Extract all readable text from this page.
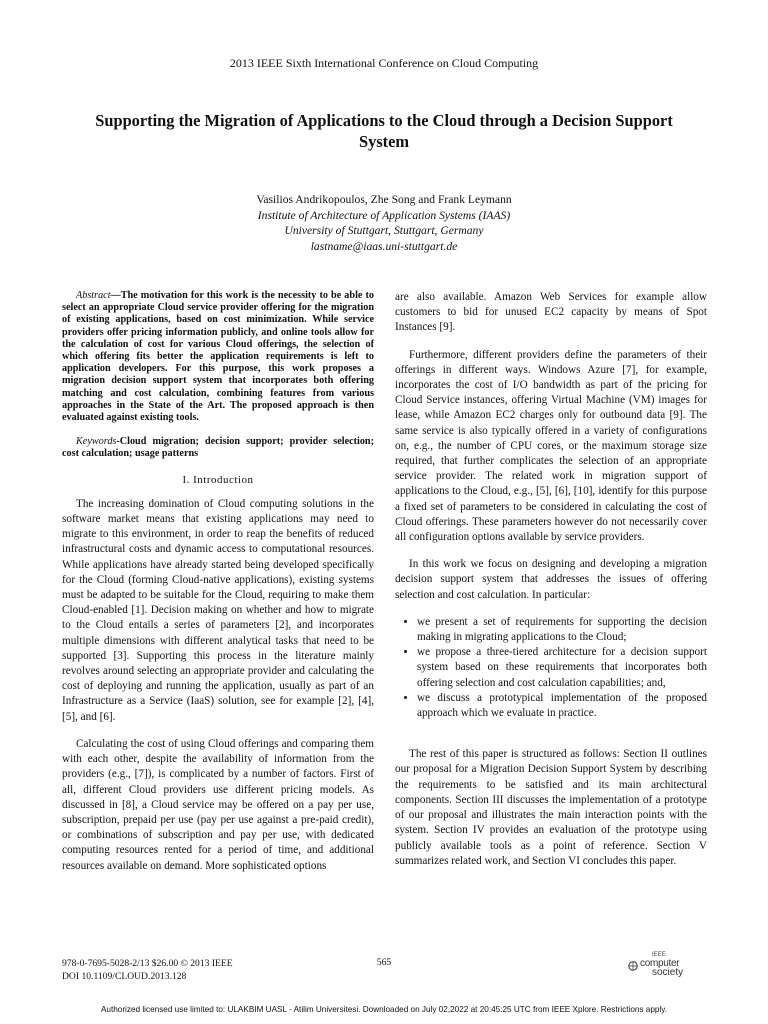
2013 IEEE Sixth International Conference on Cloud Computing
Supporting the Migration of Applications to the Cloud through a Decision Support System
Vasilios Andrikopoulos, Zhe Song and Frank Leymann
Institute of Architecture of Application Systems (IAAS)
University of Stuttgart, Stuttgart, Germany
lastname@iaas.uni-stuttgart.de

Abstract—The motivation for this work is the necessity to be able to select an appropriate Cloud service provider offering for the migration of existing applications, based on cost minimization. While service providers offer pricing information publicly, and online tools allow for the calculation of cost for various Cloud offerings, the selection of which offering fits better the application requirements is left to application developers. For this purpose, this work proposes a migration decision support system that incorporates both offering matching and cost calculation, combining features from various approaches in the State of the Art. The proposed approach is then evaluated against existing tools.

Keywords-Cloud migration; decision support; provider selection; cost calculation; usage patterns

I. Introduction

The increasing domination of Cloud computing solutions in the software market means that existing applications may need to migrate to this environment, in order to reap the benefits of reduced infrastructural costs and dynamic access to computational resources. While applications have already started being developed specifically for the Cloud (forming Cloud-native applications), existing systems must be adapted to be suitable for the Cloud, requiring to make them Cloud-enabled [1]. Decision making on whether and how to migrate to the Cloud entails a series of parameters [2], and incorporates multiple dimensions with different analytical tasks that need to be supported [3]. Supporting this process in the literature mainly revolves around selecting an appropriate provider and calculating the cost of deploying and running the application, usually as part of an Infrastructure as a Service (IaaS) solution, see for example [2], [4], [5], and [6].

Calculating the cost of using Cloud offerings and comparing them with each other, despite the availability of information from the providers (e.g., [7]), is complicated by a number of factors. First of all, different Cloud providers use different pricing models. As discussed in [8], a Cloud service may be offered on a pay per use, subscription, prepaid per use (pay per use against a pre-paid credit), or combinations of subscription and pay per use, with dedicated computing resources rented for a period of time, and additional resources available on demand. More sophisticated options

are also available. Amazon Web Services for example allow customers to bid for unused EC2 capacity by means of Spot Instances [9].

Furthermore, different providers define the parameters of their offerings in different ways. Windows Azure [7], for example, incorporates the cost of I/O bandwidth as part of the pricing for Cloud Service instances, offering Virtual Machine (VM) images for lease, while Amazon EC2 charges only for outbound data [9]. The same service is also typically offered in a variety of configurations on, e.g., the number of CPU cores, or the maximum storage size required, that further complicates the selection of an appropriate service provider. The related work in migration support of applications to the Cloud, e.g., [5], [6], [10], identify for this purpose a fixed set of parameters to be considered in calculating the cost of Cloud offerings. These parameters however do not necessarily cover all configuration options available by service providers.

In this work we focus on designing and developing a migration decision support system that addresses the issues of offering selection and cost calculation. In particular:

• we present a set of requirements for supporting the decision making in migrating applications to the Cloud;
• we propose a three-tiered architecture for a decision support system based on these requirements that incorporates both offering selection and cost calculation capabilities; and,
• we discuss a prototypical implementation of the proposed approach which we evaluate in practice.

The rest of this paper is structured as follows: Section II outlines our proposal for a Migration Decision Support System by describing the requirements to be satisfied and its main architectural components. Section III discusses the implementation of a prototype of our proposal and illustrates the main interaction points with the system. Section IV provides an evaluation of the prototype using publicly available tools as a point of reference. Section V summarizes related work, and Section VI concludes this paper.

978-0-7695-5028-2/13 $26.00 © 2013 IEEE
DOI 10.1109/CLOUD.2013.128
565
IEEE
computer
society
Authorized licensed use limited to: ULAKBIM UASL - Atilim Universitesi. Downloaded on July 02,2022 at 20:45:25 UTC from IEEE Xplore. Restrictions apply.
